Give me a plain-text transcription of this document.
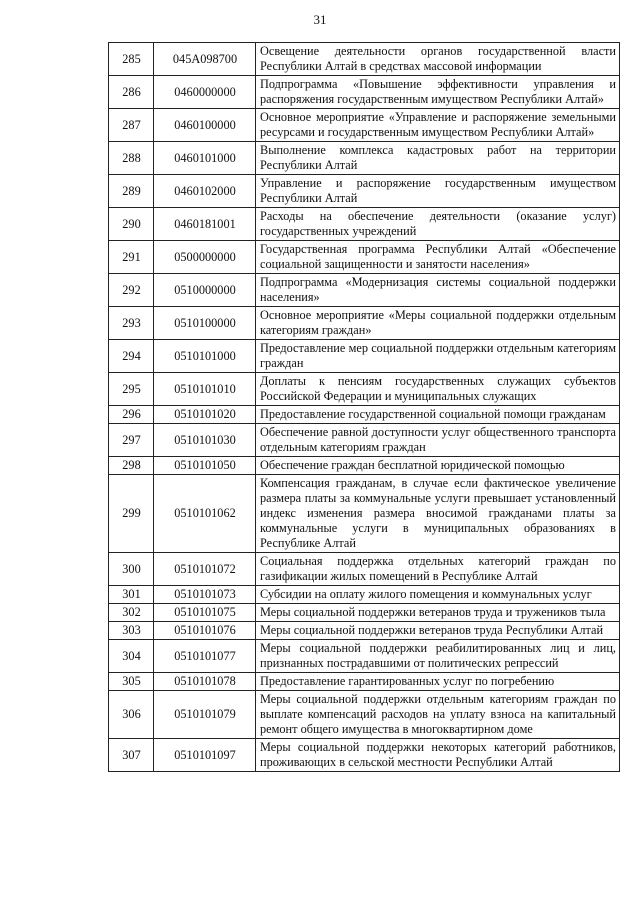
31
285	045A098700	Освещение деятельности органов государственной власти Республики Алтай в средствах массовой информации
286	0460000000	Подпрограмма «Повышение эффективности управления и распоряжения государственным имуществом Республики Алтай»
287	0460100000	Основное мероприятие «Управление и распоряжение земельными ресурсами и государственным имуществом Республики Алтай»
288	0460101000	Выполнение комплекса кадастровых работ на территории Республики Алтай
289	0460102000	Управление и распоряжение государственным имуществом Республики Алтай
290	0460181001	Расходы на обеспечение деятельности (оказание услуг) государственных учреждений
291	0500000000	Государственная программа Республики Алтай «Обеспечение социальной защищенности и занятости населения»
292	0510000000	Подпрограмма «Модернизация системы социальной поддержки населения»
293	0510100000	Основное мероприятие «Меры социальной поддержки отдельным категориям граждан»
294	0510101000	Предоставление мер социальной поддержки отдельным категориям граждан
295	0510101010	Доплаты к пенсиям государственных служащих субъектов Российской Федерации и муниципальных служащих
296	0510101020	Предоставление государственной социальной помощи гражданам
297	0510101030	Обеспечение равной доступности услуг общественного транспорта отдельным категориям граждан
298	0510101050	Обеспечение граждан бесплатной юридической помощью
299	0510101062	Компенсация гражданам, в случае если фактическое увеличение размера платы за коммунальные услуги превышает установленный индекс изменения размера вносимой гражданами платы за коммунальные услуги в муниципальных образованиях в Республике Алтай
300	0510101072	Социальная поддержка отдельных категорий граждан по газификации жилых помещений в Республике Алтай
301	0510101073	Субсидии на оплату жилого помещения и коммунальных услуг
302	0510101075	Меры социальной поддержки ветеранов труда и тружеников тыла
303	0510101076	Меры социальной поддержки ветеранов труда Республики Алтай
304	0510101077	Меры социальной поддержки реабилитированных лиц и лиц, признанных пострадавшими от политических репрессий
305	0510101078	Предоставление гарантированных услуг по погребению
306	0510101079	Меры социальной поддержки отдельным категориям граждан по выплате компенсаций расходов на уплату взноса на капитальный ремонт общего имущества в многоквартирном доме
307	0510101097	Меры социальной поддержки некоторых категорий работников, проживающих в сельской местности Республики Алтай
